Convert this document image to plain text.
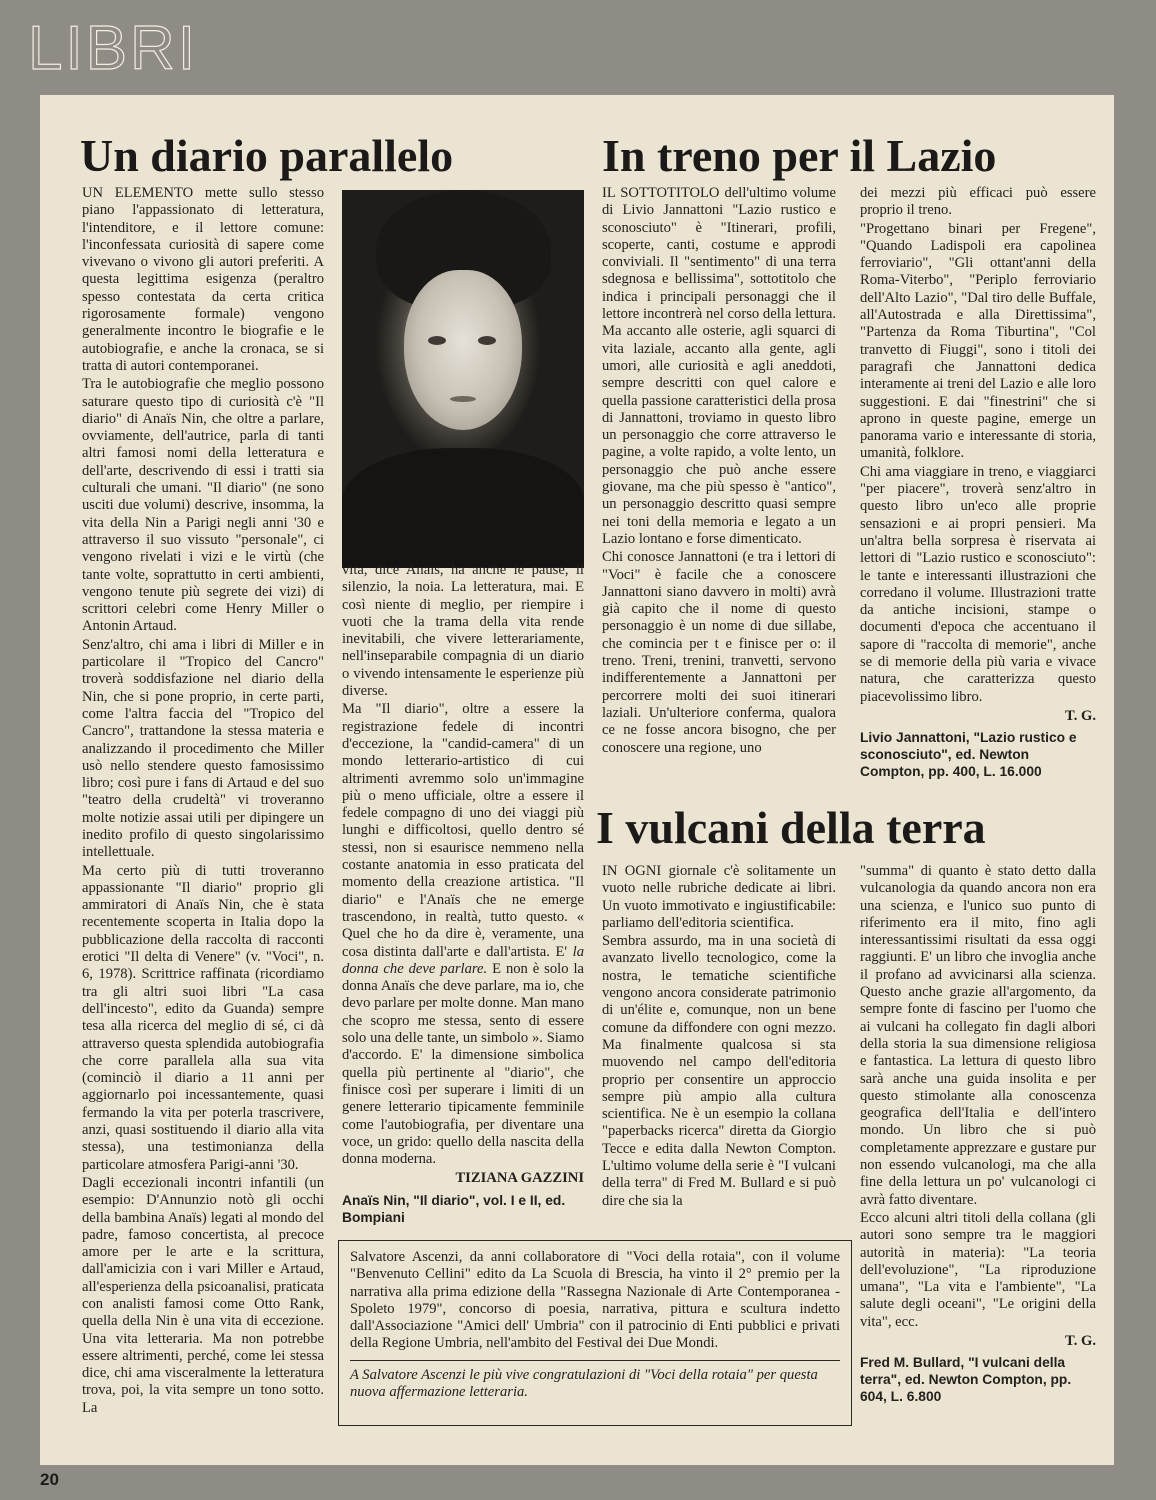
LIBRI
Un diario parallelo	In treno per il Lazio

UN ELEMENTO mette sullo stesso piano l'appassionato di letteratura, l'intenditore, e il lettore comune: l'inconfessata curiosità di sapere come vivevano o vivono gli autori preferiti. A questa legittima esigenza (peraltro spesso contestata da certa critica rigorosamente formale) vengono generalmente incontro le biografie e le autobiografie, e anche la cronaca, se si tratta di autori contemporanei.

Tra le autobiografie che meglio possono saturare questo tipo di curiosità c'è "Il diario" di Anaïs Nin, che oltre a parlare, ovviamente, dell'autrice, parla di tanti altri famosi nomi della letteratura e dell'arte, descrivendo di essi i tratti sia culturali che umani. "Il diario" (ne sono usciti due volumi) descrive, insomma, la vita della Nin a Parigi negli anni '30 e attraverso il suo vissuto "personale", ci vengono rivelati i vizi e le virtù (che tante volte, soprattutto in certi ambienti, vengono tenute più segrete dei vizi) di scrittori celebri come Henry Miller o Antonin Artaud.

Senz'altro, chi ama i libri di Miller e in particolare il "Tropico del Cancro" troverà soddisfazione nel diario della Nin, che si pone proprio, in certe parti, come l'altra faccia del "Tropico del Cancro", trattandone la stessa materia e analizzando il procedimento che Miller usò nello stendere questo famosissimo libro; così pure i fans di Artaud e del suo "teatro della crudeltà" vi troveranno molte notizie assai utili per dipingere un inedito profilo di questo singolarissimo intellettuale.

Ma certo più di tutti troveranno appassionante "Il diario" proprio gli ammiratori di Anaïs Nin, che è stata recentemente scoperta in Italia dopo la pubblicazione della raccolta di racconti erotici "Il delta di Venere" (v. "Voci", n. 6, 1978). Scrittrice raffinata (ricordiamo tra gli altri suoi libri "La casa dell'incesto", edito da Guanda) sempre tesa alla ricerca del meglio di sé, ci dà attraverso questa splendida autobiografia che corre parallela alla sua vita (cominciò il diario a 11 anni per aggiornarlo poi incessantemente, quasi fermando la vita per poterla trascrivere, anzi, quasi sostituendo il diario alla vita stessa), una testimonianza della particolare atmosfera Parigi-anni '30.

Dagli eccezionali incontri infantili (un esempio: D'Annunzio notò gli occhi della bambina Anaïs) legati al mondo del padre, famoso concertista, al precoce amore per le arte e la scrittura, dall'amicizia con i vari Miller e Artaud, all'esperienza della psicoanalisi, praticata con analisti famosi come Otto Rank, quella della Nin è una vita di eccezione. Una vita letteraria. Ma non potrebbe essere altrimenti, perché, come lei stessa dice, chi ama visceralmente la letteratura trova, poi, la vita sempre un tono sotto. La

vita, dice Anaïs, ha anche le pause, il silenzio, la noia. La letteratura, mai. E così niente di meglio, per riempire i vuoti che la trama della vita rende inevitabili, che vivere letterariamente, nell'inseparabile compagnia di un diario o vivendo intensamente le esperienze più diverse.

Ma "Il diario", oltre a essere la registrazione fedele di incontri d'eccezione, la "candid-camera" di un mondo letterario-artistico di cui altrimenti avremmo solo un'immagine più o meno ufficiale, oltre a essere il fedele compagno di uno dei viaggi più lunghi e difficoltosi, quello dentro sé stessi, non si esaurisce nemmeno nella costante anatomia in esso praticata del momento della creazione artistica. "Il diario" e l'Anaïs che ne emerge trascendono, in realtà, tutto questo. « Quel che ho da dire è, veramente, una cosa distinta dall'arte e dall'artista. E' la donna che deve parlare. E non è solo la donna Anaïs che deve parlare, ma io, che devo parlare per molte donne. Man mano che scopro me stessa, sento di essere solo una delle tante, un simbolo ». Siamo d'accordo. E' la dimensione simbolica quella più pertinente al "diario", che finisce così per superare i limiti di un genere letterario tipicamente femminile come l'autobiografia, per diventare una voce, un grido: quello della nascita della donna moderna.

TIZIANA GAZZINI
Anaïs Nin, "Il diario", vol. I e II, ed. Bompiani

IL SOTTOTITOLO dell'ultimo volume di Livio Jannattoni "Lazio rustico e sconosciuto" è "Itinerari, profili, scoperte, canti, costume e approdi conviviali. Il "sentimento" di una terra sdegnosa e bellissima", sottotitolo che indica i principali personaggi che il lettore incontrerà nel corso della lettura. Ma accanto alle osterie, agli squarci di vita laziale, accanto alla gente, agli umori, alle curiosità e agli aneddoti, sempre descritti con quel calore e quella passione caratteristici della prosa di Jannattoni, troviamo in questo libro un personaggio che corre attraverso le pagine, a volte rapido, a volte lento, un personaggio che può anche essere giovane, ma che più spesso è "antico", un personaggio descritto quasi sempre nei toni della memoria e legato a un Lazio lontano e forse dimenticato.

Chi conosce Jannattoni (e tra i lettori di "Voci" è facile che a conoscere Jannattoni siano davvero in molti) avrà già capito che il nome di questo personaggio è un nome di due sillabe, che comincia per t e finisce per o: il treno. Treni, trenini, tranvetti, servono indifferentemente a Jannattoni per percorrere molti dei suoi itinerari laziali. Un'ulteriore conferma, qualora ce ne fosse ancora bisogno, che per conoscere una regione, uno

dei mezzi più efficaci può essere proprio il treno.

"Progettano binari per Fregene", "Quando Ladispoli era capolinea ferroviario", "Gli ottant'anni della Roma-Viterbo", "Periplo ferroviario dell'Alto Lazio", "Dal tiro delle Buffale, all'Autostrada e alla Direttissima", "Partenza da Roma Tiburtina", "Col tranvetto di Fiuggi", sono i titoli dei paragrafi che Jannattoni dedica interamente ai treni del Lazio e alle loro suggestioni. E dai "finestrini" che si aprono in queste pagine, emerge un panorama vario e interessante di storia, umanità, folklore.

Chi ama viaggiare in treno, e viaggiarci "per piacere", troverà senz'altro in questo libro un'eco alle proprie sensazioni e ai propri pensieri. Ma un'altra bella sorpresa è riservata ai lettori di "Lazio rustico e sconosciuto": le tante e interessanti illustrazioni che corredano il volume. Illustrazioni tratte da antiche incisioni, stampe o documenti d'epoca che accentuano il sapore di "raccolta di memorie", anche se di memorie della più varia e vivace natura, che caratterizza questo piacevolissimo libro.

T. G.
Livio Jannattoni, "Lazio rustico e sconosciuto", ed. Newton Compton, pp. 400, L. 16.000
I vulcani della terra

IN OGNI giornale c'è solitamente un vuoto nelle rubriche dedicate ai libri. Un vuoto immotivato e ingiustificabile: parliamo dell'editoria scientifica.

Sembra assurdo, ma in una società di avanzato livello tecnologico, come la nostra, le tematiche scientifiche vengono ancora considerate patrimonio di un'élite e, comunque, non un bene comune da diffondere con ogni mezzo. Ma finalmente qualcosa si sta muovendo nel campo dell'editoria proprio per consentire un approccio sempre più ampio alla cultura scientifica. Ne è un esempio la collana "paperbacks ricerca" diretta da Giorgio Tecce e edita dalla Newton Compton. L'ultimo volume della serie è "I vulcani della terra" di Fred M. Bullard e si può dire che sia la

"summa" di quanto è stato detto dalla vulcanologia da quando ancora non era una scienza, e l'unico suo punto di riferimento era il mito, fino agli interessantissimi risultati da essa oggi raggiunti. E' un libro che invoglia anche il profano ad avvicinarsi alla scienza. Questo anche grazie all'argomento, da sempre fonte di fascino per l'uomo che ai vulcani ha collegato fin dagli albori della storia la sua dimensione religiosa e fantastica. La lettura di questo libro sarà anche una guida insolita e per questo stimolante alla conoscenza geografica dell'Italia e dell'intero mondo. Un libro che si può completamente apprezzare e gustare pur non essendo vulcanologi, ma che alla fine della lettura un po' vulcanologi ci avrà fatto diventare.

Ecco alcuni altri titoli della collana (gli autori sono sempre tra le maggiori autorità in materia): "La teoria dell'evoluzione", "La riproduzione umana", "La vita e l'ambiente", "La salute degli oceani", "Le origini della vita", ecc.

T. G.
Fred M. Bullard, "I vulcani della terra", ed. Newton Compton, pp. 604, L. 6.800
Salvatore Ascenzi, da anni collaboratore di "Voci della rotaia", con il volume "Benvenuto Cellini" edito da La Scuola di Brescia, ha vinto il 2° premio per la narrativa alla prima edizione della "Rassegna Nazionale di Arte Contemporanea - Spoleto 1979", concorso di poesia, narrativa, pittura e scultura indetto dall'Associazione "Amici dell' Umbria" con il patrocinio di Enti pubblici e privati della Regione Umbria, nell'ambito del Festival dei Due Mondi.
A Salvatore Ascenzi le più vive congratulazioni di "Voci della rotaia" per questa nuova affermazione letteraria.
20
